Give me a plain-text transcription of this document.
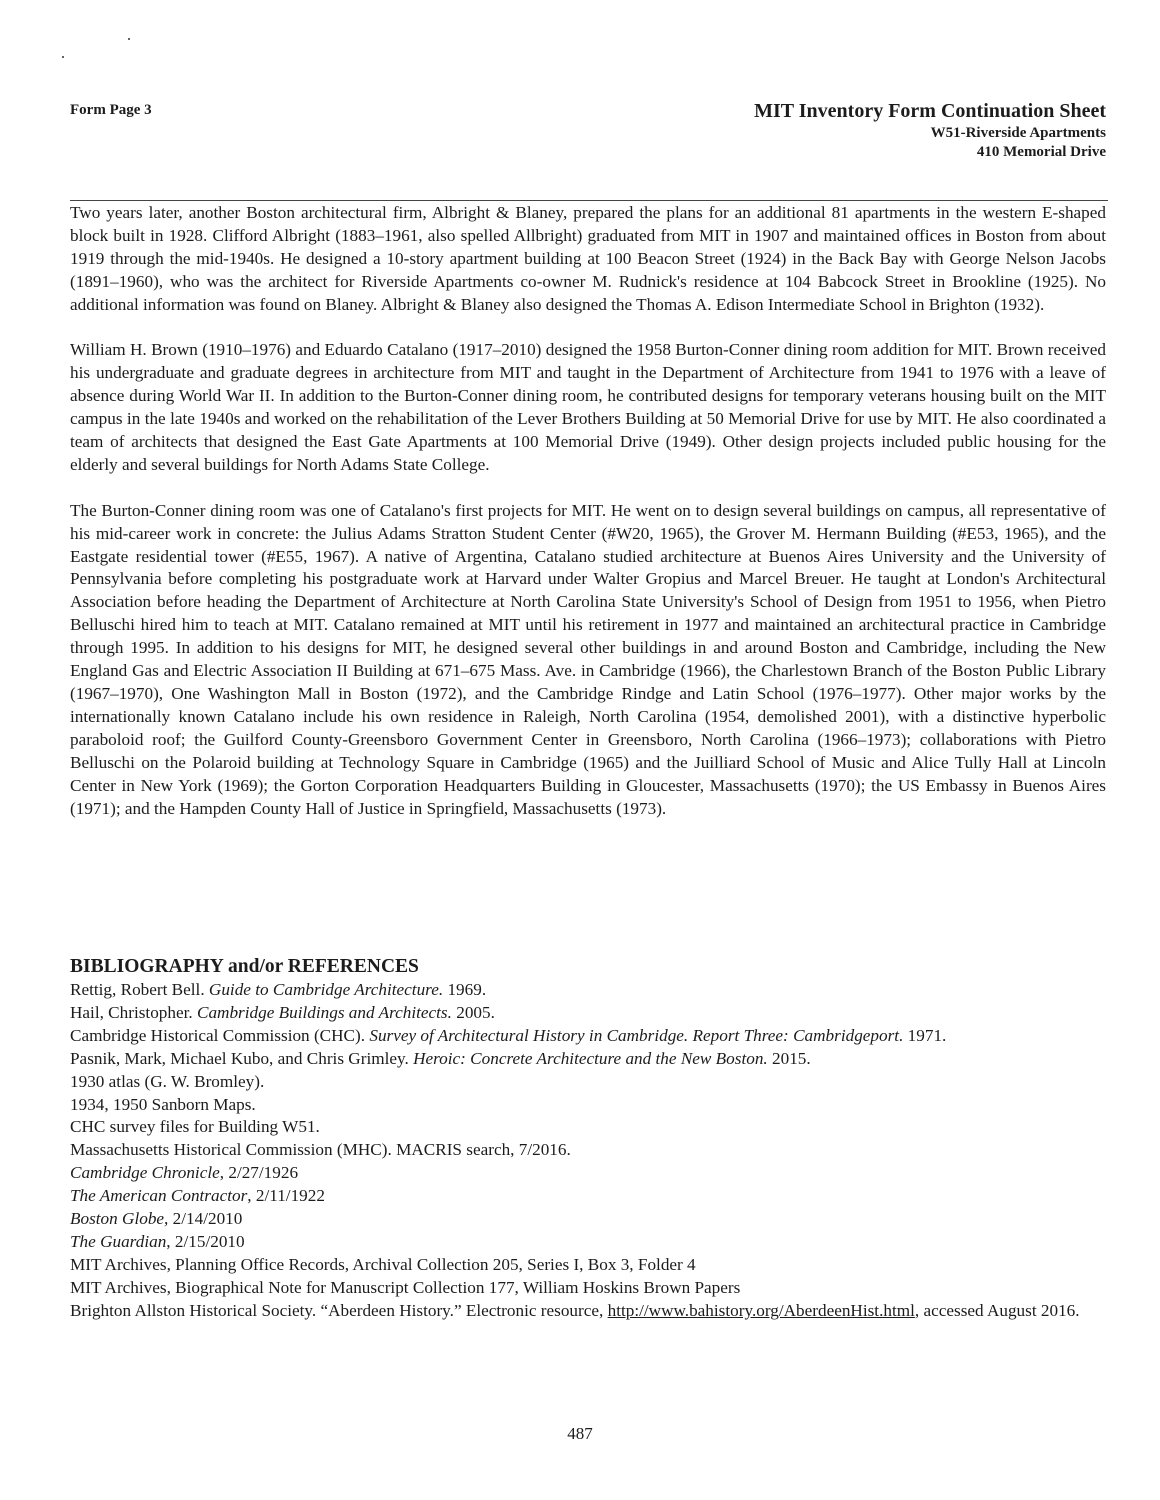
Form Page 3	MIT Inventory Form Continuation Sheet
W51-Riverside Apartments
410 Memorial Drive

Two years later, another Boston architectural firm, Albright & Blaney, prepared the plans for an additional 81 apartments in the western E-shaped block built in 1928. Clifford Albright (1883–1961, also spelled Allbright) graduated from MIT in 1907 and maintained offices in Boston from about 1919 through the mid-1940s. He designed a 10-story apartment building at 100 Beacon Street (1924) in the Back Bay with George Nelson Jacobs (1891–1960), who was the architect for Riverside Apartments co-owner M. Rudnick's residence at 104 Babcock Street in Brookline (1925). No additional information was found on Blaney. Albright & Blaney also designed the Thomas A. Edison Intermediate School in Brighton (1932).

William H. Brown (1910–1976) and Eduardo Catalano (1917–2010) designed the 1958 Burton-Conner dining room addition for MIT. Brown received his undergraduate and graduate degrees in architecture from MIT and taught in the Department of Architecture from 1941 to 1976 with a leave of absence during World War II. In addition to the Burton-Conner dining room, he contributed designs for temporary veterans housing built on the MIT campus in the late 1940s and worked on the rehabilitation of the Lever Brothers Building at 50 Memorial Drive for use by MIT. He also coordinated a team of architects that designed the East Gate Apartments at 100 Memorial Drive (1949). Other design projects included public housing for the elderly and several buildings for North Adams State College.

The Burton-Conner dining room was one of Catalano's first projects for MIT. He went on to design several buildings on campus, all representative of his mid-career work in concrete: the Julius Adams Stratton Student Center (#W20, 1965), the Grover M. Hermann Building (#E53, 1965), and the Eastgate residential tower (#E55, 1967). A native of Argentina, Catalano studied architecture at Buenos Aires University and the University of Pennsylvania before completing his postgraduate work at Harvard under Walter Gropius and Marcel Breuer. He taught at London's Architectural Association before heading the Department of Architecture at North Carolina State University's School of Design from 1951 to 1956, when Pietro Belluschi hired him to teach at MIT. Catalano remained at MIT until his retirement in 1977 and maintained an architectural practice in Cambridge through 1995. In addition to his designs for MIT, he designed several other buildings in and around Boston and Cambridge, including the New England Gas and Electric Association II Building at 671–675 Mass. Ave. in Cambridge (1966), the Charlestown Branch of the Boston Public Library (1967–1970), One Washington Mall in Boston (1972), and the Cambridge Rindge and Latin School (1976–1977). Other major works by the internationally known Catalano include his own residence in Raleigh, North Carolina (1954, demolished 2001), with a distinctive hyperbolic paraboloid roof; the Guilford County-Greensboro Government Center in Greensboro, North Carolina (1966–1973); collaborations with Pietro Belluschi on the Polaroid building at Technology Square in Cambridge (1965) and the Juilliard School of Music and Alice Tully Hall at Lincoln Center in New York (1969); the Gorton Corporation Headquarters Building in Gloucester, Massachusetts (1970); the US Embassy in Buenos Aires (1971); and the Hampden County Hall of Justice in Springfield, Massachusetts (1973).

BIBLIOGRAPHY and/or REFERENCES
Rettig, Robert Bell. Guide to Cambridge Architecture. 1969.
Hail, Christopher. Cambridge Buildings and Architects. 2005.
Cambridge Historical Commission (CHC). Survey of Architectural History in Cambridge. Report Three: Cambridgeport. 1971.
Pasnik, Mark, Michael Kubo, and Chris Grimley. Heroic: Concrete Architecture and the New Boston. 2015.
1930 atlas (G. W. Bromley).
1934, 1950 Sanborn Maps.
CHC survey files for Building W51.
Massachusetts Historical Commission (MHC). MACRIS search, 7/2016.
Cambridge Chronicle, 2/27/1926
The American Contractor, 2/11/1922
Boston Globe, 2/14/2010
The Guardian, 2/15/2010
MIT Archives, Planning Office Records, Archival Collection 205, Series I, Box 3, Folder 4
MIT Archives, Biographical Note for Manuscript Collection 177, William Hoskins Brown Papers
Brighton Allston Historical Society. “Aberdeen History.” Electronic resource, http://www.bahistory.org/AberdeenHist.html, accessed August 2016.
487
